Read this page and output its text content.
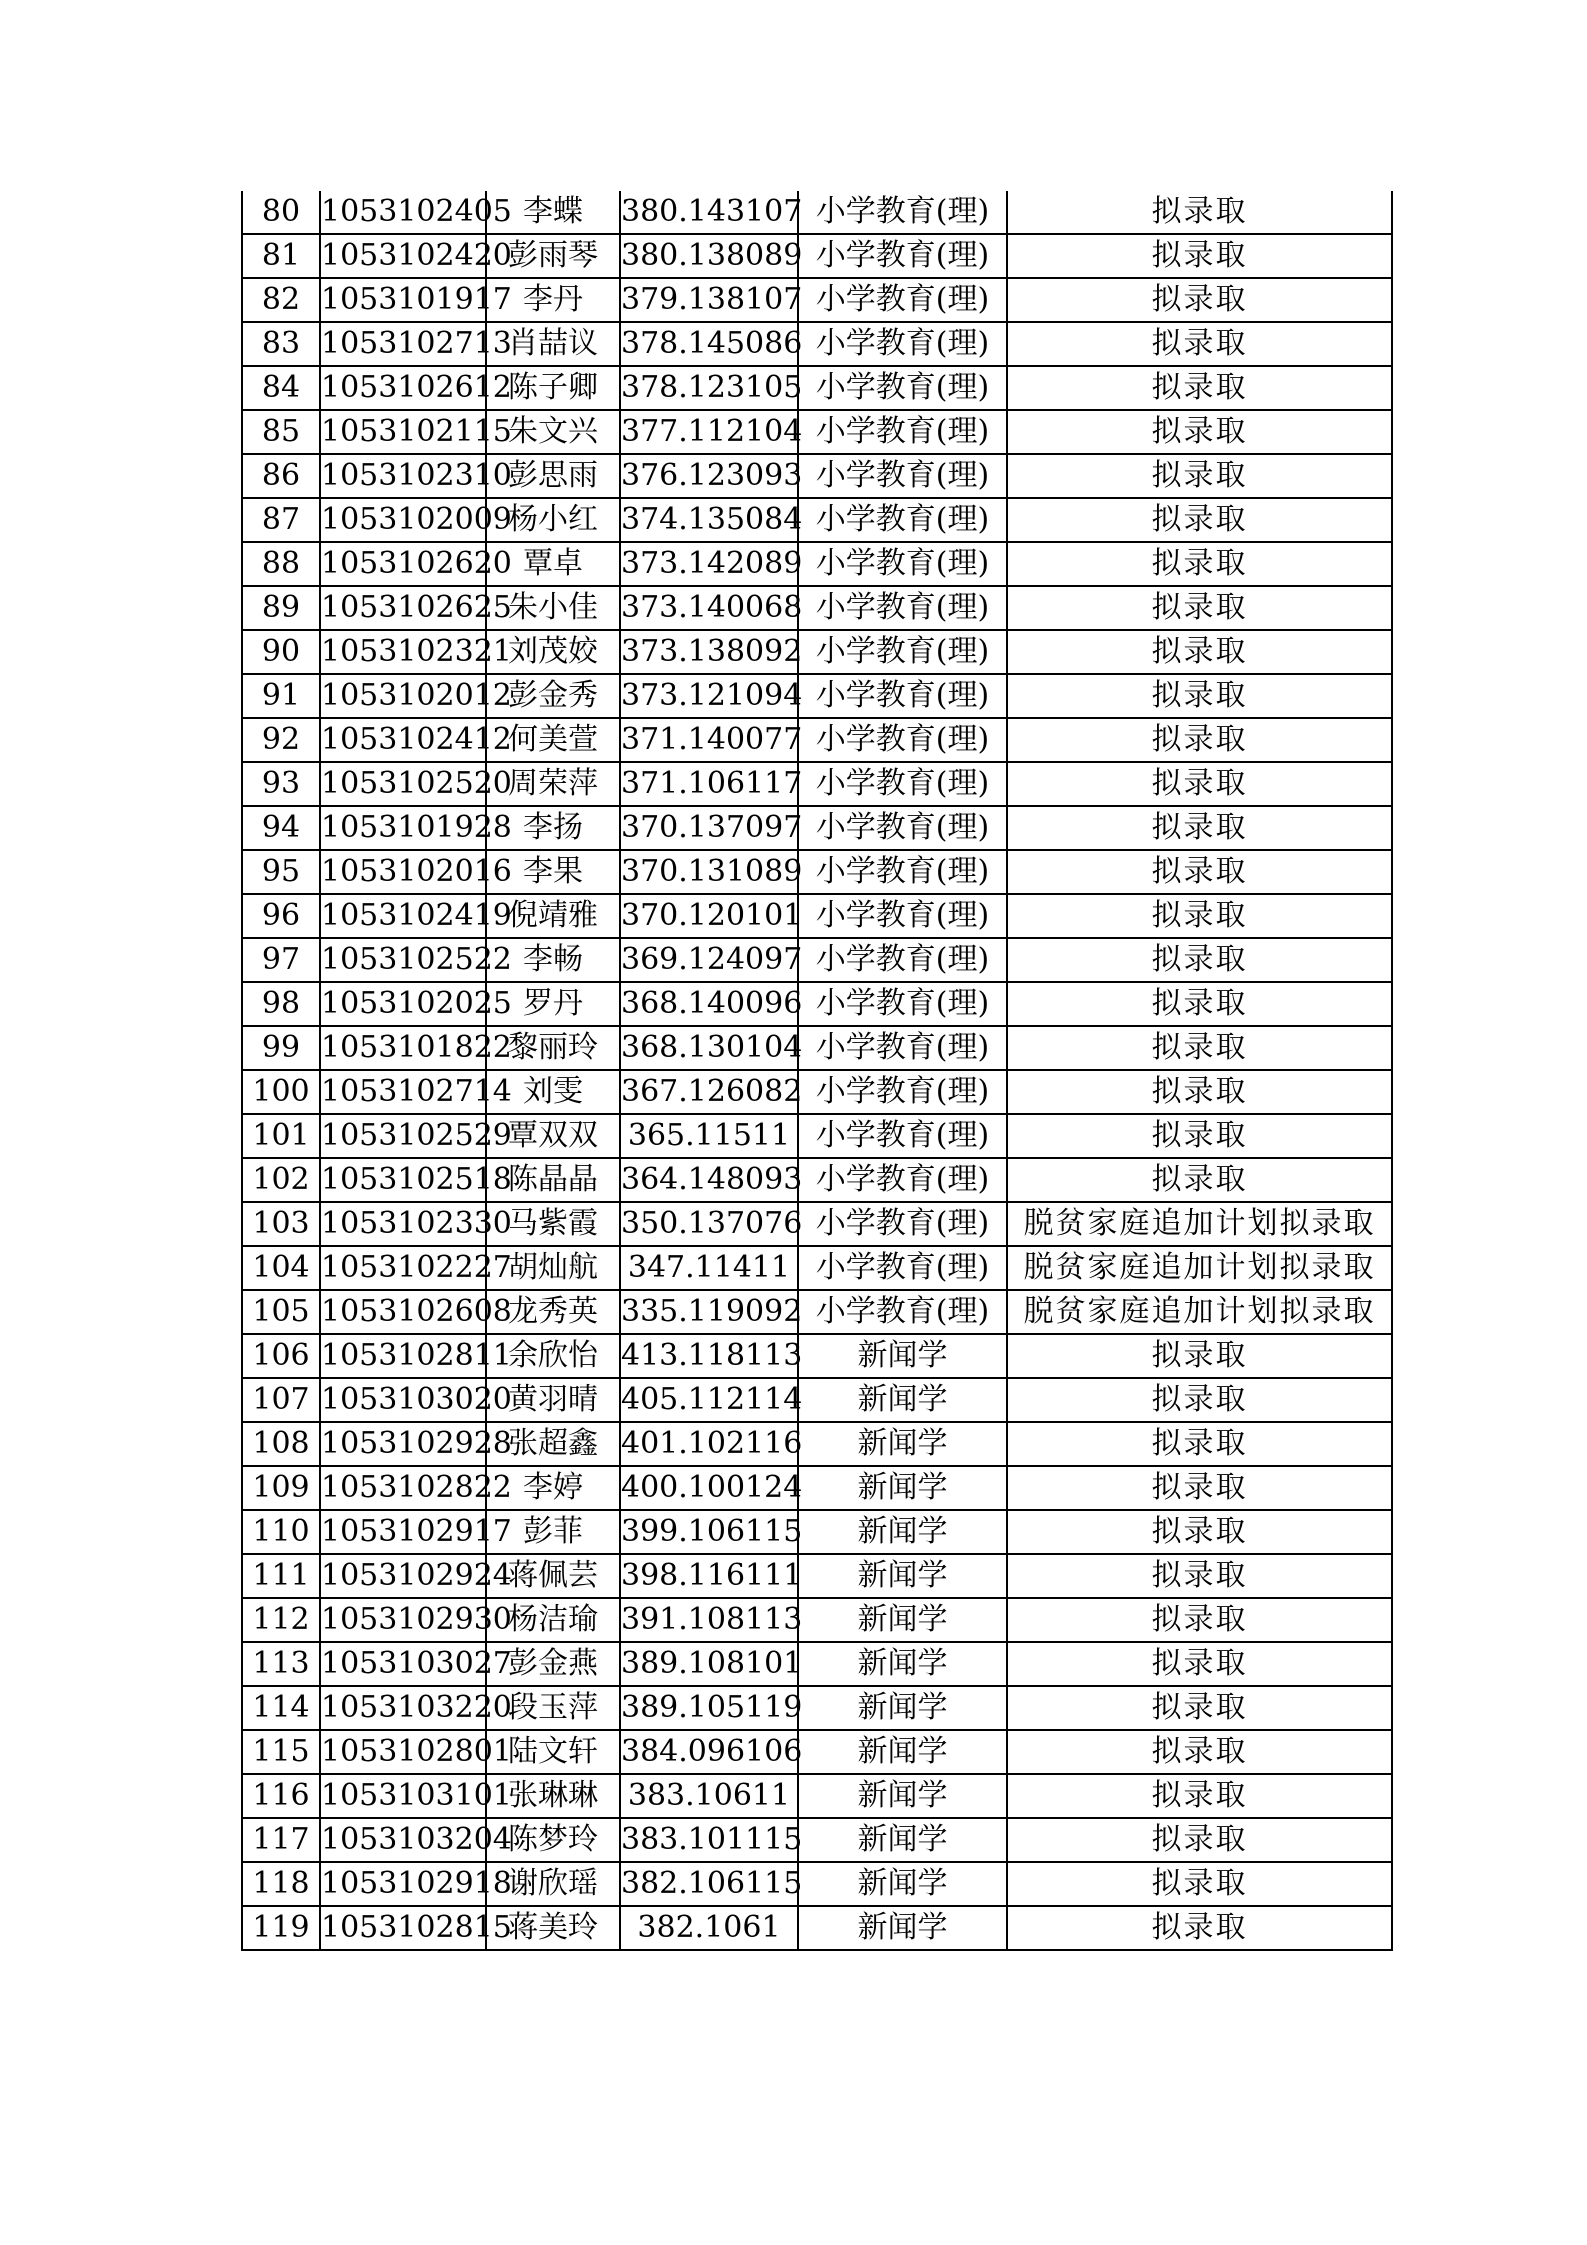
80	1053102405	李蝶	380.143107	小学教育(理)	拟录取
81	1053102420	彭雨琴	380.138089	小学教育(理)	拟录取
82	1053101917	李丹	379.138107	小学教育(理)	拟录取
83	1053102713	肖喆议	378.145086	小学教育(理)	拟录取
84	1053102612	陈子卿	378.123105	小学教育(理)	拟录取
85	1053102115	朱文兴	377.112104	小学教育(理)	拟录取
86	1053102310	彭思雨	376.123093	小学教育(理)	拟录取
87	1053102009	杨小红	374.135084	小学教育(理)	拟录取
88	1053102620	覃卓	373.142089	小学教育(理)	拟录取
89	1053102625	朱小佳	373.140068	小学教育(理)	拟录取
90	1053102321	刘茂姣	373.138092	小学教育(理)	拟录取
91	1053102012	彭金秀	373.121094	小学教育(理)	拟录取
92	1053102412	何美萱	371.140077	小学教育(理)	拟录取
93	1053102520	周荣萍	371.106117	小学教育(理)	拟录取
94	1053101928	李扬	370.137097	小学教育(理)	拟录取
95	1053102016	李果	370.131089	小学教育(理)	拟录取
96	1053102419	倪靖雅	370.120101	小学教育(理)	拟录取
97	1053102522	李畅	369.124097	小学教育(理)	拟录取
98	1053102025	罗丹	368.140096	小学教育(理)	拟录取
99	1053101822	黎丽玲	368.130104	小学教育(理)	拟录取
100	1053102714	刘雯	367.126082	小学教育(理)	拟录取
101	1053102529	覃双双	365.11511	小学教育(理)	拟录取
102	1053102518	陈晶晶	364.148093	小学教育(理)	拟录取
103	1053102330	马紫霞	350.137076	小学教育(理)	脱贫家庭追加计划拟录取
104	1053102227	胡灿航	347.11411	小学教育(理)	脱贫家庭追加计划拟录取
105	1053102608	龙秀英	335.119092	小学教育(理)	脱贫家庭追加计划拟录取
106	1053102811	余欣怡	413.118113	新闻学	拟录取
107	1053103020	黄羽晴	405.112114	新闻学	拟录取
108	1053102928	张超鑫	401.102116	新闻学	拟录取
109	1053102822	李婷	400.100124	新闻学	拟录取
110	1053102917	彭菲	399.106115	新闻学	拟录取
111	1053102924	蒋佩芸	398.116111	新闻学	拟录取
112	1053102930	杨洁瑜	391.108113	新闻学	拟录取
113	1053103027	彭金燕	389.108101	新闻学	拟录取
114	1053103220	段玉萍	389.105119	新闻学	拟录取
115	1053102801	陆文轩	384.096106	新闻学	拟录取
116	1053103101	张琳琳	383.10611	新闻学	拟录取
117	1053103204	陈梦玲	383.101115	新闻学	拟录取
118	1053102918	谢欣瑶	382.106115	新闻学	拟录取
119	1053102815	蒋美玲	382.1061	新闻学	拟录取
